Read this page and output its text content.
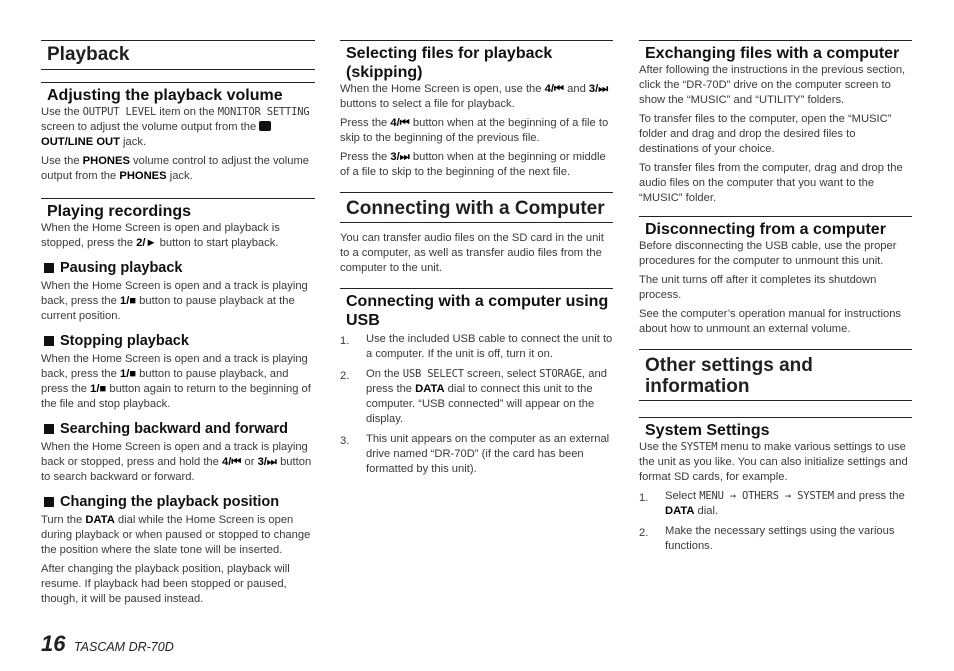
Playback
Adjusting the playback volume

Use the OUTPUT LEVEL item on the MONITOR SETTING screen to adjust the volume output from the  OUT/LINE OUT jack.

Use the PHONES volume control to adjust the volume output from the PHONES jack.

Playing recordings

When the Home Screen is open and playback is stopped, press the 2/► button to start playback.

Pausing playback

When the Home Screen is open and a track is playing back, press the 1/■ button to pause playback at the current position.

Stopping playback

When the Home Screen is open and a track is playing back, press the 1/■ button to pause playback, and press the 1/■ button again to return to the beginning of the file and stop playback.

Searching backward and forward

When the Home Screen is open and a track is playing back or stopped, press and hold the 4/⏮ or 3/⏭ button to search backward or forward.

Changing the playback position

Turn the DATA dial while the Home Screen is open during playback or when paused or stopped to change the position where the slate tone will be inserted.

After changing the playback position, playback will resume. If playback had been stopped or paused, though, it will be paused instead.

Selecting files for playback (skipping)

When the Home Screen is open, use the 4/⏮ and 3/⏭ buttons to select a file for playback.

Press the 4/⏮ button when at the beginning of a file to skip to the beginning of the previous file.

Press the 3/⏭ button when at the beginning or middle of a file to skip to the beginning of the next file.

Connecting with a Computer

You can transfer audio files on the SD card in the unit to a computer, as well as transfer audio files from the computer to the unit.

Connecting with a computer using USB
1. Use the included USB cable to connect the unit to a computer. If the unit is off, turn it on.
2. On the USB SELECT screen, select STORAGE, and press the DATA dial to connect this unit to the computer. “USB connected” will appear on the display.
3. This unit appears on the computer as an external drive named “DR-70D” (if the card has been formatted by this unit).
Exchanging files with a computer

After following the instructions in the previous section, click the “DR-70D” drive on the computer screen to show the “MUSIC” and “UTILITY” folders.

To transfer files to the computer, open the “MUSIC” folder and drag and drop the desired files to destinations of your choice.

To transfer files from the computer, drag and drop the audio files on the computer that you want to the “MUSIC” folder.

Disconnecting from a computer

Before disconnecting the USB cable, use the proper procedures for the computer to unmount this unit.

The unit turns off after it completes its shutdown process.

See the computer’s operation manual for instructions about how to unmount an external volume.

Other settings and information
System Settings

Use the SYSTEM menu to make various settings to use the unit as you like. You can also initialize settings and format SD cards, for example.

1. Select MENU → OTHERS → SYSTEM and press the DATA dial.
2. Make the necessary settings using the various functions.
16 TASCAM DR-70D
